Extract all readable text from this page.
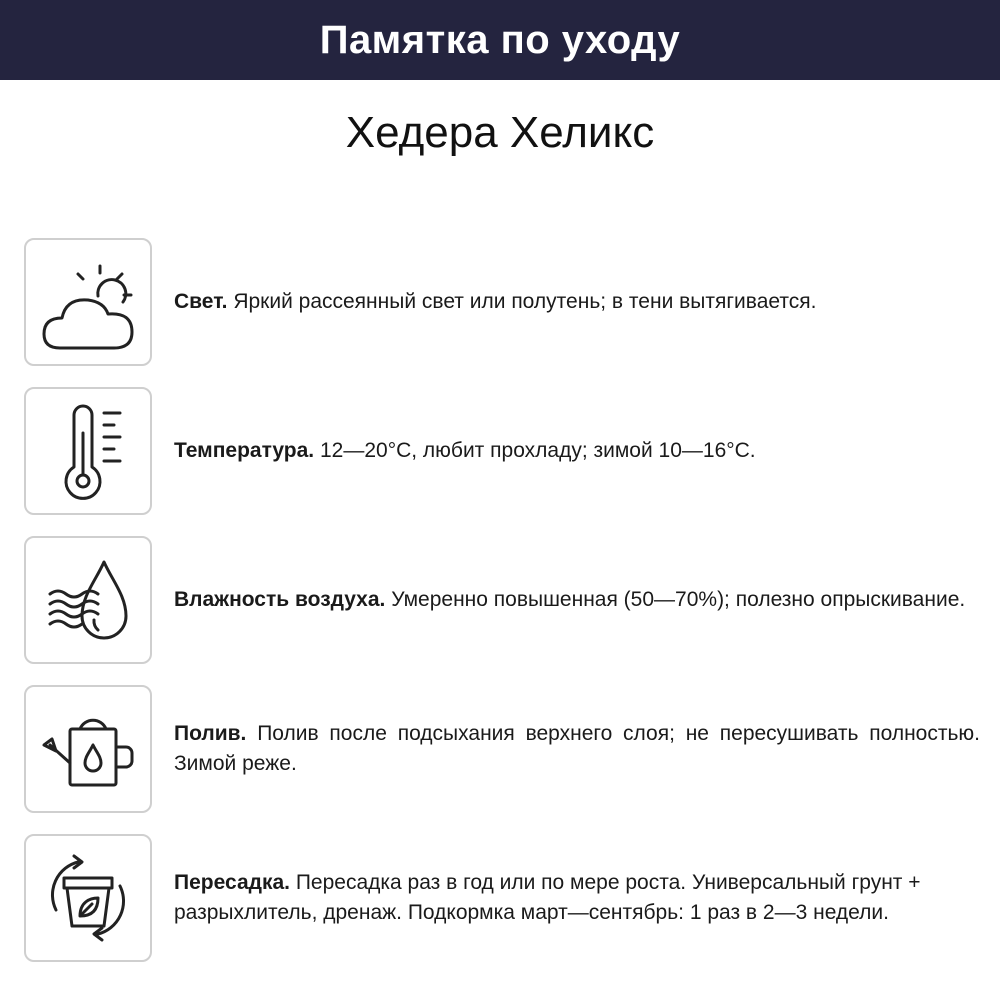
Памятка по уходу
Хедера Хеликс
Свет. Яркий рассеянный свет или полутень; в тени вытягивается.
Температура. 12—20°C, любит прохладу; зимой 10—16°C.
Влажность воздуха. Умеренно повышенная (50—70%); полезно опрыскивание.
Полив. Полив после подсыхания верхнего слоя; не пересушивать полностью. Зимой реже.
Пересадка. Пересадка раз в год или по мере роста. Универсальный грунт + разрыхлитель, дренаж. Подкормка март—сентябрь: 1 раз в 2—3 недели.
